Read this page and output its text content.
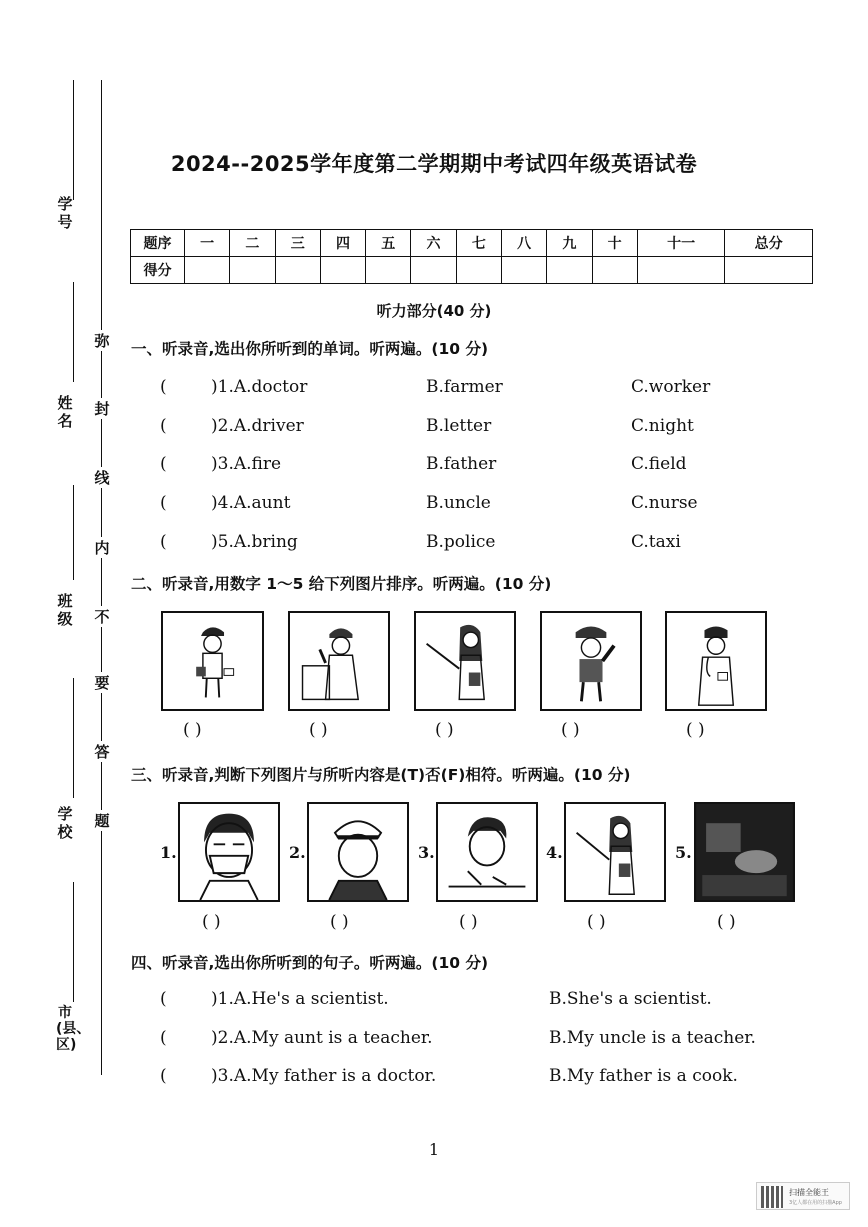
学号
姓名
班级
学校
市(县、区)
弥
封
线
内
不
要
答
题
2024--2025学年度第二学期期中考试四年级英语试卷
题序	一	二	三	四	五	六	七	八	九	十	十一	总分
得分												
听力部分(40 分)
一、听录音,选出你所听到的单词。听两遍。(10 分)
(	)1.A.doctor	B.farmer	C.worker
(	)2.A.driver	B.letter	C.night
(	)3.A.fire	B.father	C.field
(	)4.A.aunt	B.uncle	C.nurse
(	)5.A.bring	B.police	C.taxi
二、听录音,用数字 1～5 给下列图片排序。听两遍。(10 分)
( )	( )	( )	( )	( )
三、听录音,判断下列图片与所听内容是(T)否(F)相符。听两遍。(10 分)
1.	2.	3.	4.	5.
( )	( )	( )	( )	( )
四、听录音,选出你所听到的句子。听两遍。(10 分)
(	)1.A.He's a scientist.	B.She's a scientist.
(	)2.A.My aunt is a teacher.	B.My uncle is a teacher.
(	)3.A.My father is a doctor.	B.My father is a cook.
1
扫描全能王
3亿人都在用的扫描App
